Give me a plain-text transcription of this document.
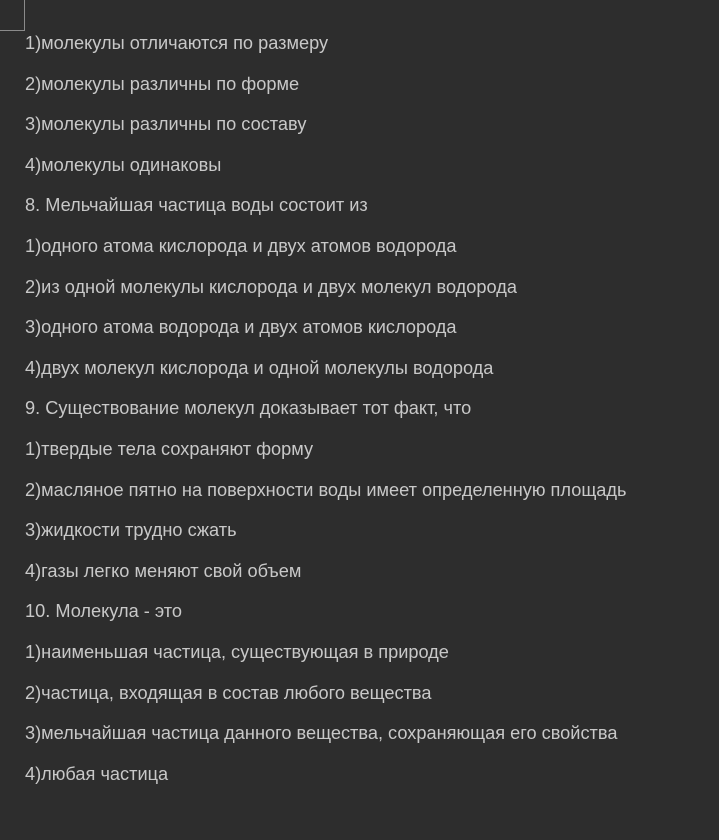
1)молекулы отличаются по размеру
2)молекулы различны по форме
3)молекулы различны по составу
4)молекулы одинаковы
8. Мельчайшая частица воды состоит из
1)одного атома кислорода и двух атомов водорода
2)из одной молекулы кислорода и двух молекул водорода
3)одного атома водорода и двух атомов кислорода
4)двух молекул кислорода и одной молекулы водорода
9. Существование молекул доказывает тот факт, что
1)твердые тела сохраняют форму
2)масляное пятно на поверхности воды имеет определенную площадь
3)жидкости трудно сжать
4)газы легко меняют свой объем
10. Молекула - это
1)наименьшая частица, существующая в природе
2)частица, входящая в состав любого вещества
3)мельчайшая частица данного вещества, сохраняющая его свойства
4)любая частица
